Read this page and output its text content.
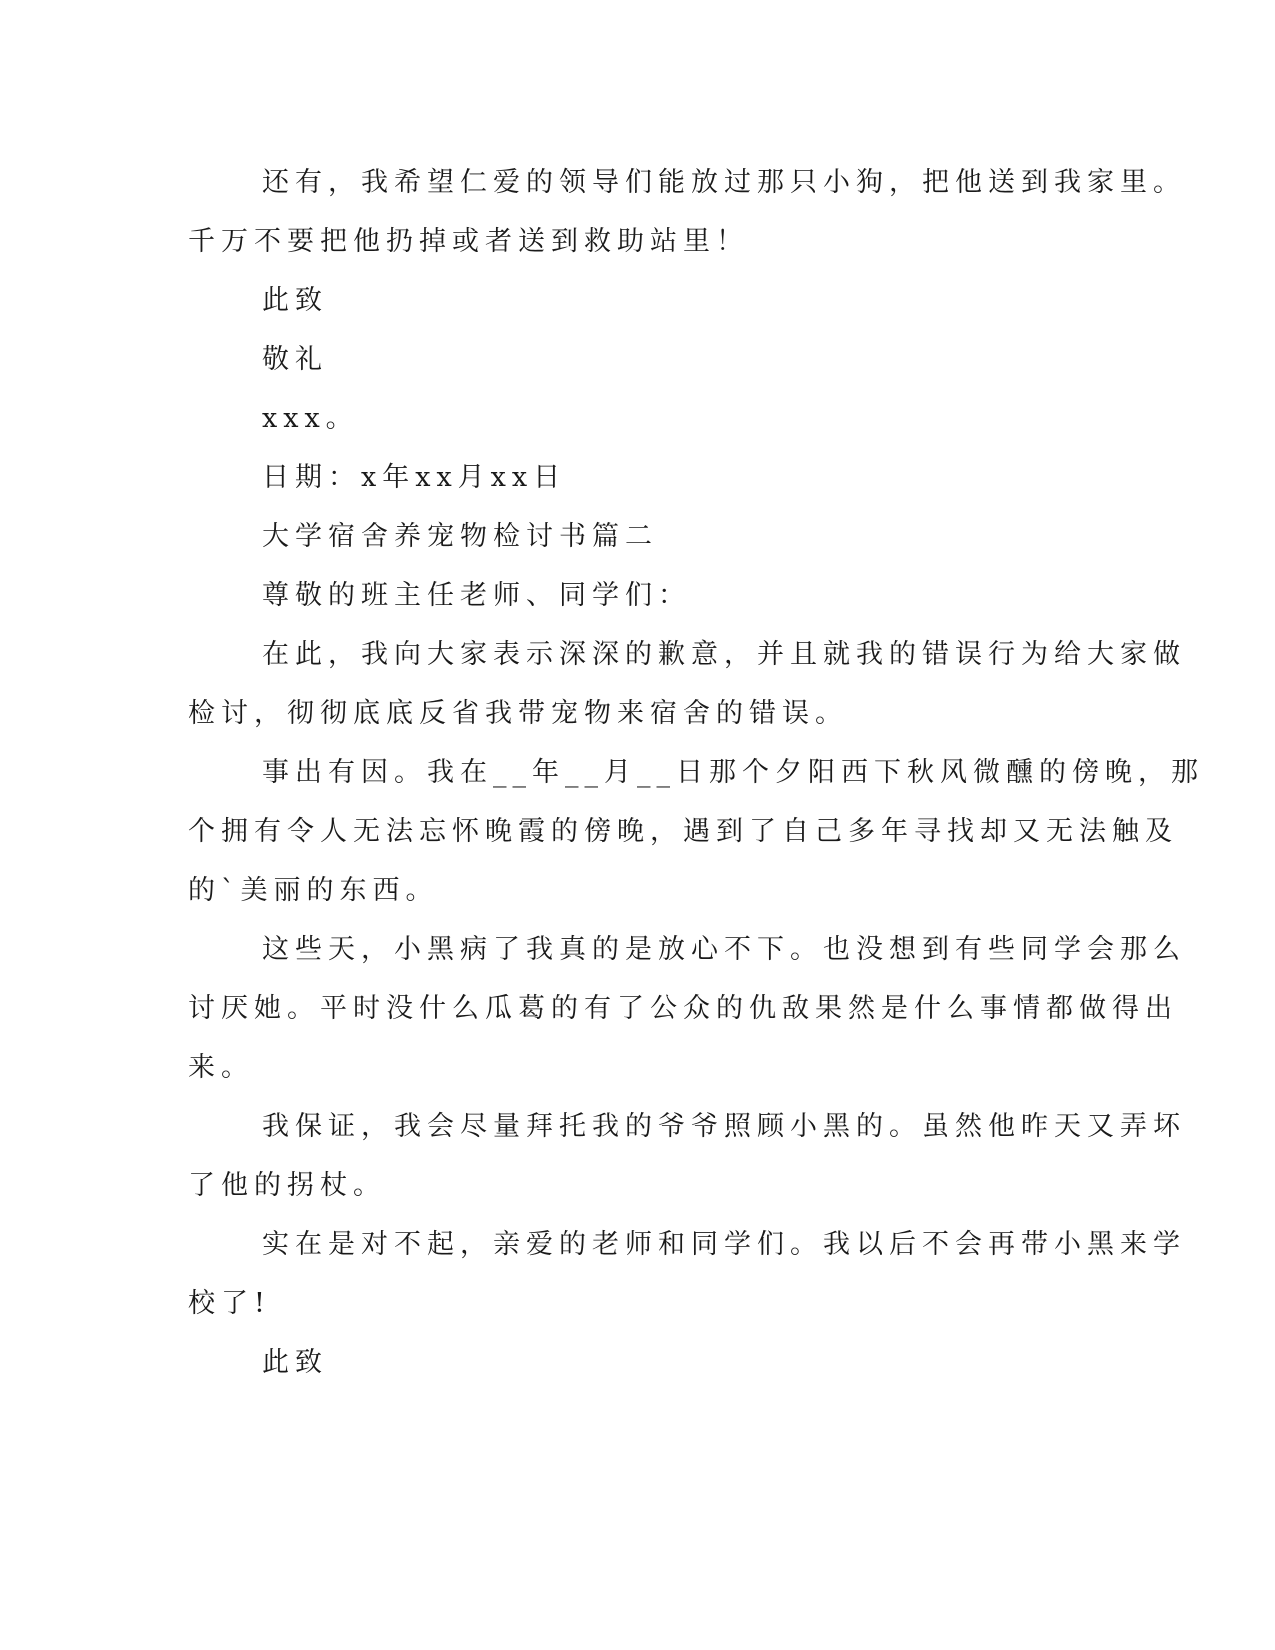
还有，我希望仁爱的领导们能放过那只小狗，把他送到我家里。
千万不要把他扔掉或者送到救助站里！
此致
敬礼
xxx。
日期：x年xx月xx日
大学宿舍养宠物检讨书篇二
尊敬的班主任老师、同学们：
在此，我向大家表示深深的歉意，并且就我的错误行为给大家做
检讨，彻彻底底反省我带宠物来宿舍的错误。
事出有因。我在__年__月__日那个夕阳西下秋风微醺的傍晚，那
个拥有令人无法忘怀晚霞的傍晚，遇到了自己多年寻找却又无法触及
的`美丽的东西。
这些天，小黑病了我真的是放心不下。也没想到有些同学会那么
讨厌她。平时没什么瓜葛的有了公众的仇敌果然是什么事情都做得出
来。
我保证，我会尽量拜托我的爷爷照顾小黑的。虽然他昨天又弄坏
了他的拐杖。
实在是对不起，亲爱的老师和同学们。我以后不会再带小黑来学
校了!
此致
